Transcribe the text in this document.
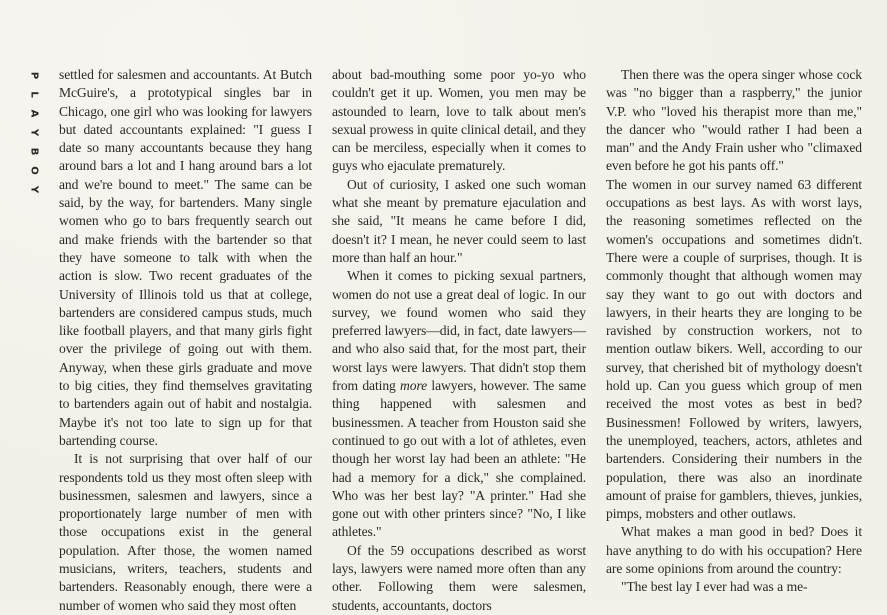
P
L
A
Y
B
O
Y

settled for salesmen and accountants. At Butch McGuire's, a prototypical singles bar in Chicago, one girl who was looking for lawyers but dated accountants explained: "I guess I date so many accountants because they hang around bars a lot and I hang around bars a lot and we're bound to meet." The same can be said, by the way, for bartenders. Many single women who go to bars frequently search out and make friends with the bartender so that they have someone to talk with when the action is slow. Two recent graduates of the University of Illinois told us that at college, bartenders are considered campus studs, much like football players, and that many girls fight over the privilege of going out with them. Anyway, when these girls graduate and move to big cities, they find themselves gravitating to bartenders again out of habit and nostalgia. Maybe it's not too late to sign up for that bartending course.

It is not surprising that over half of our respondents told us they most often sleep with businessmen, salesmen and lawyers, since a proportionately large number of men with those occupations exist in the general population. After those, the women named musicians, writers, teachers, students and bartenders. Reasonably enough, there were a number of women who said they most often

about bad-mouthing some poor yo-yo who couldn't get it up. Women, you men may be astounded to learn, love to talk about men's sexual prowess in quite clinical detail, and they can be merciless, especially when it comes to guys who ejaculate prematurely.

Out of curiosity, I asked one such woman what she meant by premature ejaculation and she said, "It means he came before I did, doesn't it? I mean, he never could seem to last more than half an hour."

When it comes to picking sexual partners, women do not use a great deal of logic. In our survey, we found women who said they preferred lawyers—did, in fact, date lawyers—and who also said that, for the most part, their worst lays were lawyers. That didn't stop them from dating more lawyers, however. The same thing happened with salesmen and businessmen. A teacher from Houston said she continued to go out with a lot of athletes, even though her worst lay had been an athlete: "He had a memory for a dick," she complained. Who was her best lay? "A printer." Had she gone out with other printers since? "No, I like athletes."

Of the 59 occupations described as worst lays, lawyers were named more often than any other. Following them were salesmen, students, accountants, doctors

Then there was the opera singer whose cock was "no bigger than a raspberry," the junior V.P. who "loved his therapist more than me," the dancer who "would rather I had been a man" and the Andy Frain usher who "climaxed even before he got his pants off."

The women in our survey named 63 different occupations as best lays. As with worst lays, the reasoning sometimes reflected on the women's occupations and sometimes didn't. There were a couple of surprises, though. It is commonly thought that although women may say they want to go out with doctors and lawyers, in their hearts they are longing to be ravished by construction workers, not to mention outlaw bikers. Well, according to our survey, that cherished bit of mythology doesn't hold up. Can you guess which group of men received the most votes as best in bed? Businessmen! Followed by writers, lawyers, the unemployed, teachers, actors, athletes and bartenders. Considering their numbers in the population, there was also an inordinate amount of praise for gamblers, thieves, junkies, pimps, mobsters and other outlaws.

What makes a man good in bed? Does it have anything to do with his occupation? Here are some opinions from around the country:

"The best lay I ever had was a me-
